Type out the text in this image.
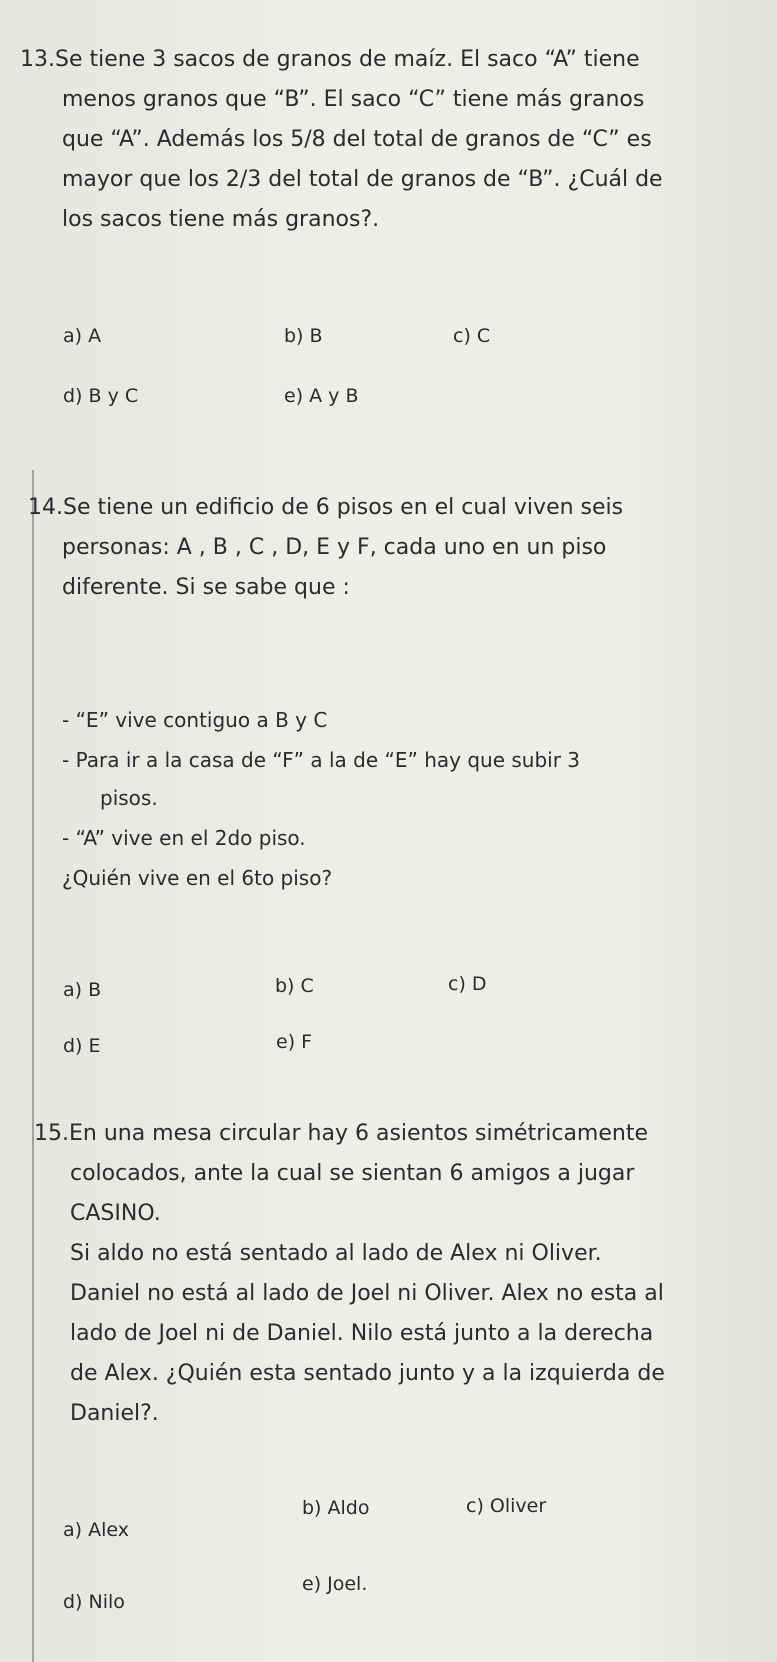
13.Se tiene 3 sacos de granos de maíz. El saco “A” tiene
menos granos que “B”. El saco “C” tiene más granos
que “A”. Además los 5/8 del total de granos de “C” es
mayor que los 2/3 del total de granos de “B”. ¿Cuál de
los sacos tiene más granos?.
a) A	b) B	c) C
d) B y C	e) A y B
14.Se tiene un edificio de 6 pisos en el cual viven seis
personas: A , B , C , D, E y F, cada uno en un piso
diferente. Si se sabe que :
- “E” vive contiguo a B y C
- Para ir a la casa de “F” a la de “E” hay que subir 3
pisos.
- “A” vive en el 2do piso.
¿Quién vive en el 6to piso?
a) B	b) C	c) D
d) E	e) F
15.En una mesa circular hay 6 asientos simétricamente
colocados, ante la cual se sientan 6 amigos a jugar
CASINO.
Si aldo no está sentado al lado de Alex ni Oliver.
Daniel no está al lado de Joel ni Oliver. Alex no esta al
lado de Joel ni de Daniel. Nilo está junto a la derecha
de Alex. ¿Quién esta sentado junto y a la izquierda de
Daniel?.
a) Alex
b) Aldo	c) Oliver
d) Nilo
e) Joel.
